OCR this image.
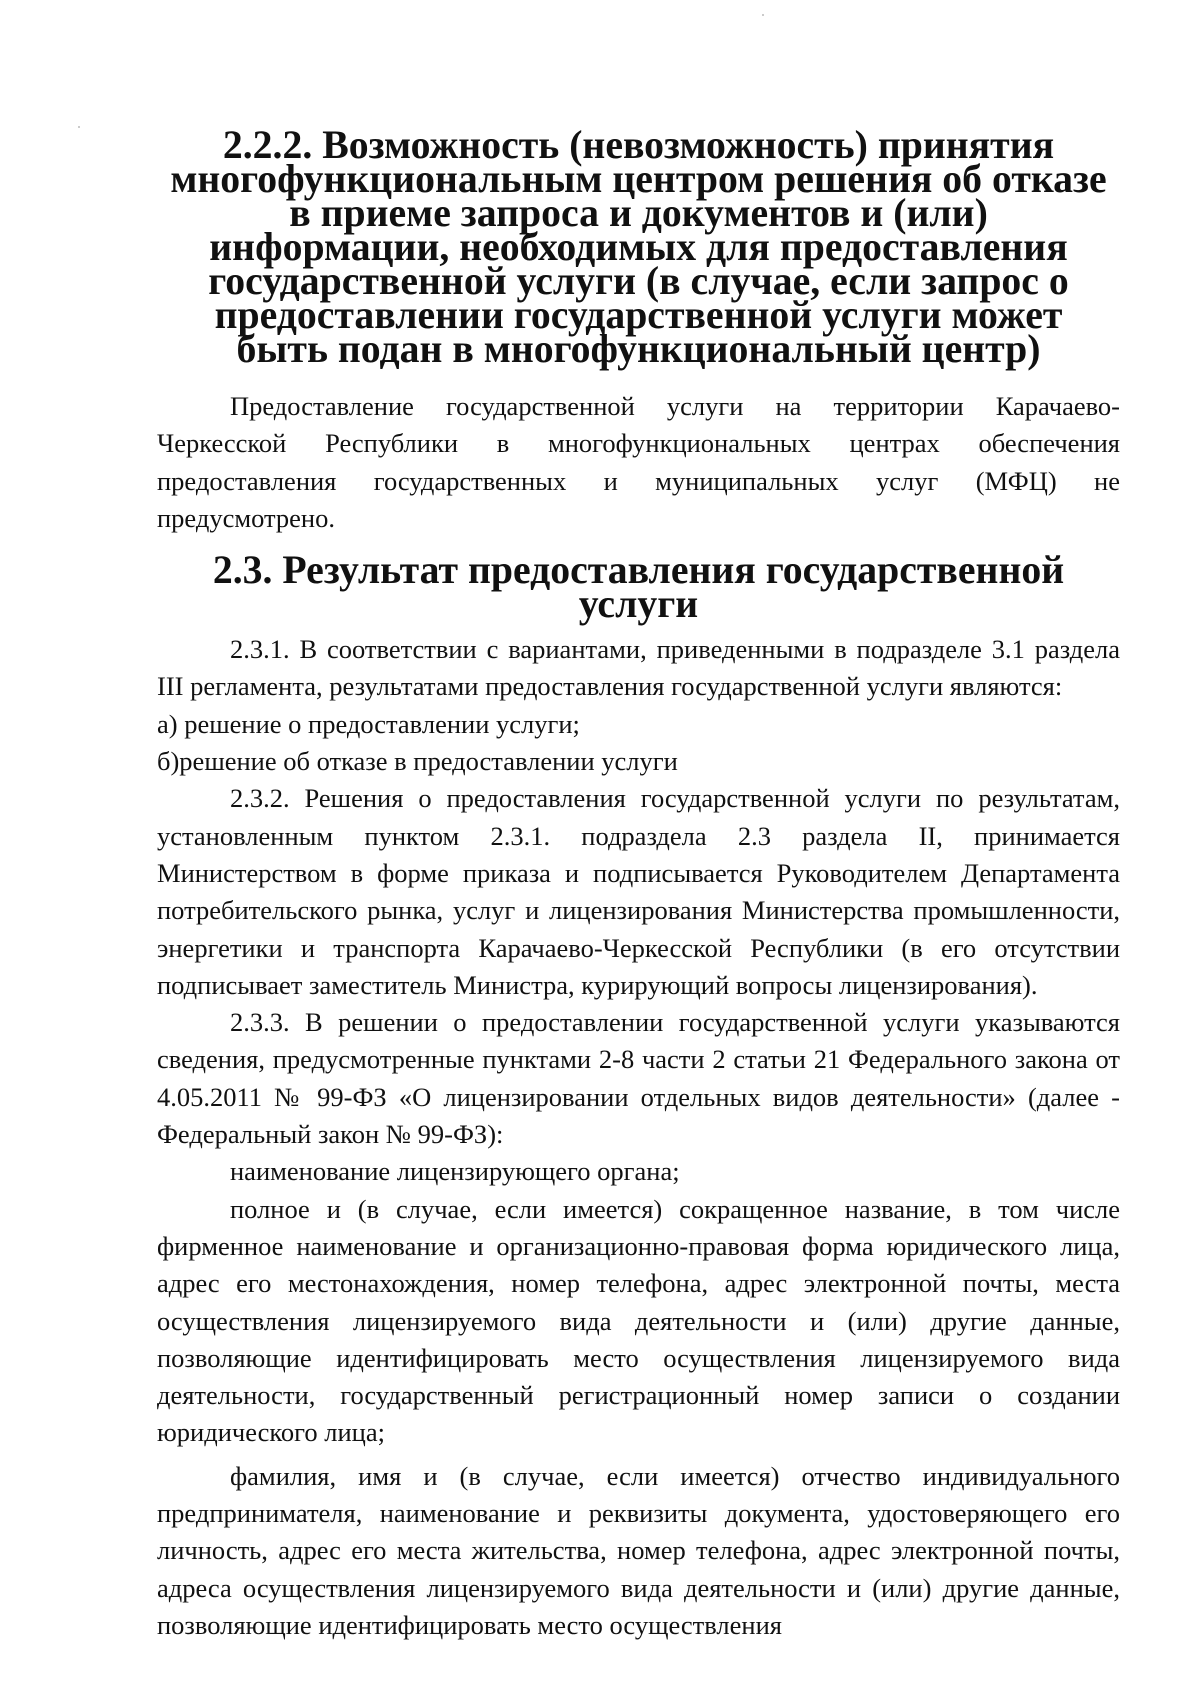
2.2.2. Возможность (невозможность) принятия многофункциональным центром решения об отказе в приеме запроса и документов и (или) информации, необходимых для предоставления государственной услуги (в случае, если запрос о предоставлении государственной услуги может быть подан в многофункциональный центр)

Предоставление государственной услуги на территории Карачаево-Черкесской Республики в многофункциональных центрах обеспечения предоставления государственных и муниципальных услуг (МФЦ) не предусмотрено.

2.3. Результат предоставления государственной услуги

2.3.1. В соответствии с вариантами, приведенными в подразделе 3.1 раздела III регламента, результатами предоставления государственной услуги являются:

а) решение о предоставлении услуги;

б)решение об отказе в предоставлении услуги

2.3.2. Решения о предоставления государственной услуги по результатам, установленным пунктом 2.3.1. подраздела 2.3 раздела II, принимается Министерством в форме приказа и подписывается Руководителем Департамента потребительского рынка, услуг и лицензирования Министерства промышленности, энергетики и транспорта Карачаево-Черкесской Республики (в его отсутствии подписывает заместитель Министра, курирующий вопросы лицензирования).

2.3.3. В решении о предоставлении государственной услуги указываются сведения, предусмотренные пунктами 2-8 части 2 статьи 21 Федерального закона от 4.05.2011 № 99-ФЗ «О лицензировании отдельных видов деятельности» (далее - Федеральный закон № 99-ФЗ):

наименование лицензирующего органа;

полное и (в случае, если имеется) сокращенное название, в том числе фирменное наименование и организационно-правовая форма юридического лица, адрес его местонахождения, номер телефона, адрес электронной почты, места осуществления лицензируемого вида деятельности и (или) другие данные, позволяющие идентифицировать место осуществления лицензируемого вида деятельности, государственный регистрационный номер записи о создании юридического лица;

фамилия, имя и (в случае, если имеется) отчество индивидуального предпринимателя, наименование и реквизиты документа, удостоверяющего его личность, адрес его места жительства, номер телефона, адрес электронной почты, адреса осуществления лицензируемого вида деятельности и (или) другие данные, позволяющие идентифицировать место осуществления
